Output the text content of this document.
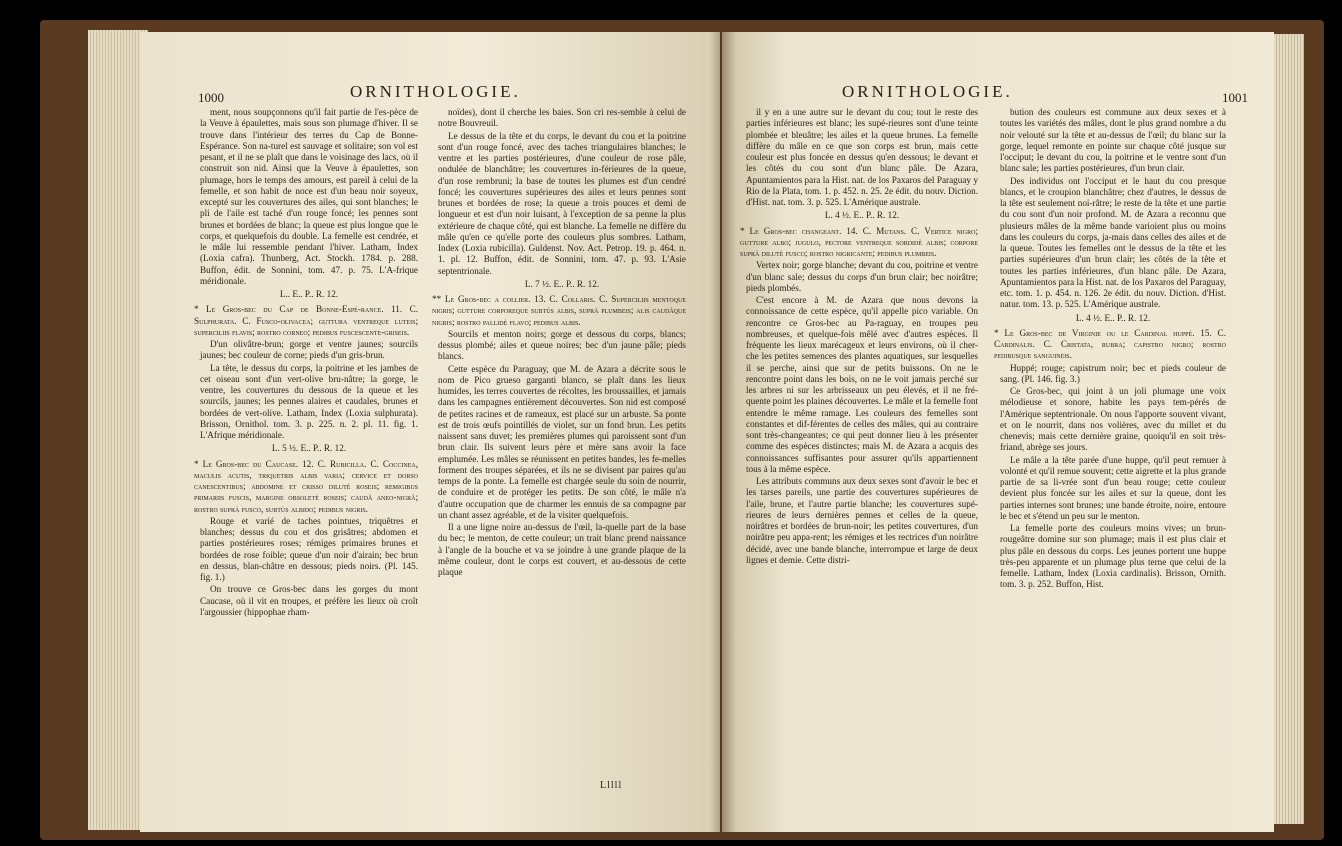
1000	ORNITHOLOGIE.

ment, nous soupçonnons qu'il fait partie de l'es-pèce de la Veuve à épaulettes, mais sous son plumage d'hiver. Il se trouve dans l'intérieur des terres du Cap de Bonne-Espérance. Son na-turel est sauvage et solitaire; son vol est pesant, et il ne se plaît que dans le voisinage des lacs, où il construit son nid. Ainsi que la Veuve à épaulettes, son plumage, hors le temps des amours, est pareil à celui de la femelle, et son habit de noce est d'un beau noir soyeux, excepté sur les couvertures des ailes, qui sont blanches; le pli de l'aile est taché d'un rouge foncé; les pennes sont brunes et bordées de blanc; la queue est plus longue que le corps, et quelquefois du double. La femelle est cendrée, et le mâle lui ressemble pendant l'hiver. Latham, Index (Loxia cafra). Thunberg, Act. Stockh. 1784. p. 288. Buffon, édit. de Sonnini, tom. 47. p. 75. L'A-frique méridionale.

L.. E.. P.. R. 12.

* Le Gros-bec du Cap de Bonne-Espé-rance. 11. C. Sulphurata. C. Fusco-olivacea; guttura ventreque luteis; superciliis flavis; rostro corneo; pedibus fuscescente-griseis.

D'un olivâtre-brun; gorge et ventre jaunes; sourcils jaunes; bec couleur de corne; pieds d'un gris-brun.

La tête, le dessus du corps, la poitrine et les jambes de cet oiseau sont d'un vert-olive bru-nâtre; la gorge, le ventre, les couvertures du dessous de la queue et les sourcils, jaunes; les pennes alaires et caudales, brunes et bordées de vert-olive. Latham, Index (Loxia sulphurata). Brisson, Ornithol. tom. 3. p. 225. n. 2. pl. 11. fig. 1. L'Afrique méridionale.

L. 5 ½. E.. P.. R. 12.

* Le Gros-bec du Caucase. 12. C. Rubicilla. C. Coccinea, maculis acutis, triquetris albis varia; cervice et dorso canescentibus; abdomine et crisso dilutè roseis; remigibus primariis fuscis, margine obsoletè roseis; caudâ aneo-nigrâ; rostro suprà fusco, subtùs albido; pedibus nigris.

Rouge et varié de taches pointues, triquêtres et blanches; dessus du cou et dos grisâtres; abdomen et parties postérieures roses; rémiges primaires brunes et bordées de rose foible; queue d'un noir d'airain; bec brun en dessus, blan-châtre en dessous; pieds noirs. (Pl. 145. fig. 1.)

On trouve ce Gros-bec dans les gorges du mont Caucase, où il vit en troupes, et préfère les lieux où croît l'argoussier (hippophae rham-

noïdes), dont il cherche les baies. Son cri res-semble à celui de notre Bouvreuil.

Le dessus de la tête et du corps, le devant du cou et la poitrine sont d'un rouge foncé, avec des taches triangulaires blanches; le ventre et les parties postérieures, d'une couleur de rose pâle, ondulée de blanchâtre; les couvertures in-férieures de la queue, d'un rose rembruni; la base de toutes les plumes est d'un cendré foncé; les couvertures supérieures des ailes et leurs pennes sont brunes et bordées de rose; la queue a trois pouces et demi de longueur et est d'un noir luisant, à l'exception de sa penne la plus extérieure de chaque côté, qui est blanche. La femelle ne diffère du mâle qu'en ce qu'elle porte des couleurs plus sombres. Latham, Index (Loxia rubicilla). Guldenst. Nov. Act. Petrop. 19. p. 464. n. 1. pl. 12. Buffon, édit. de Sonnini, tom. 47. p. 93. L'Asie septentrionale.

L. 7 ½. E.. P.. R. 12.

** Le Gros-bec a collier. 13. C. Collaris. C. Superciliis mentoque nigris; gutture corporeque subtùs albis, suprà plumbeis; alis caudâque nigris; rostro pallidè flavo; pedibus albis.

Sourcils et menton noirs; gorge et dessous du corps, blancs; dessus plombé; ailes et queue noires; bec d'un jaune pâle; pieds blancs.

Cette espèce du Paraguay, que M. de Azara a décrite sous le nom de Pico grueso garganti blanco, se plaît dans les lieux humides, les terres couvertes de récoltes, les broussailles, et jamais dans les campagnes entièrement découvertes. Son nid est composé de petites racines et de rameaux, est placé sur un arbuste. Sa ponte est de trois œufs pointillés de violet, sur un fond brun. Les petits naissent sans duvet; les premières plumes qui paroissent sont d'un brun clair. Ils suivent leurs père et mère sans avoir la face emplumée. Les mâles se réunissent en petites bandes, les fe-melles forment des troupes séparées, et ils ne se divisent par paires qu'au temps de la ponte. La femelle est chargée seule du soin de nourrir, de conduire et de protéger les petits. De son côté, le mâle n'a d'autre occupation que de charmer les ennuis de sa compagne par un chant assez agréable, et de la visiter quelquefois.

Il a une ligne noire au-dessus de l'œil, la-quelle part de la base du bec; le menton, de cette couleur; un trait blanc prend naissance à l'angle de la bouche et va se joindre à une grande plaque de la même couleur, dont le corps est couvert, et au-dessous de cette plaque

ORNITHOLOGIE.	1001

il y en a une autre sur le devant du cou; tout le reste des parties inférieures est blanc; les supé-rieures sont d'une teinte plombée et bleuâtre; les ailes et la queue brunes. La femelle diffère du mâle en ce que son corps est brun, mais cette couleur est plus foncée en dessus qu'en dessous; le devant et les côtés du cou sont d'un blanc pâle. De Azara, Apuntamientos para la Hist. nat. de los Paxaros del Paraguay y Rio de la Plata, tom. 1. p. 452. n. 25. 2e édit. du nouv. Diction. d'Hist. nat. tom. 3. p. 525. L'Amérique australe.

L. 4 ½. E.. P.. R. 12.

* Le Gros-bec changeant. 14. C. Mutans. C. Vertice nigro; gutture albo; jugulo, pectore ventreque sordidè albis; corpore suprà dilutè fusco; rostro nigricante; pedibus plumbeis.

Vertex noir; gorge blanche; devant du cou, poitrine et ventre d'un blanc sale; dessus du corps d'un brun clair; bec noirâtre; pieds plombés.

C'est encore à M. de Azara que nous devons la connoissance de cette espèce, qu'il appelle pico variable. On rencontre ce Gros-bec au Pa-raguay, en troupes peu nombreuses, et quelque-fois mêlé avec d'autres espèces. Il fréquente les lieux marécageux et leurs environs, où il cher-che les petites semences des plantes aquatiques, sur lesquelles il se perche, ainsi que sur de petits buissons. On ne le rencontre point dans les bois, on ne le voit jamais perché sur les arbres ni sur les arbrisseaux un peu élevés, et il ne fré-quente point les plaines découvertes. Le mâle et la femelle font entendre le même ramage. Les couleurs des femelles sont constantes et dif-férentes de celles des mâles, qui au contraire sont très-changeantes; ce qui peut donner lieu à les présenter comme des espèces distinctes; mais M. de Azara a acquis des connoissances suffisantes pour assurer qu'ils appartiennent tous à la même espèce.

Les attributs communs aux deux sexes sont d'avoir le bec et les tarses pareils, une partie des couvertures supérieures de l'aile, brune, et l'autre partie blanche; les couvertures supé-rieures de leurs dernières pennes et celles de la queue, noirâtres et bordées de brun-noir; les petites couvertures, d'un noirâtre peu appa-rent; les rémiges et les rectrices d'un noirâtre décidé, avec une bande blanche, interrompue et large de deux lignes et demie. Cette distri-

bution des couleurs est commune aux deux sexes et à toutes les variétés des mâles, dont le plus grand nombre a du noir velouté sur la tête et au-dessus de l'œil; du blanc sur la gorge, lequel remonte en pointe sur chaque côté jusque sur l'occiput; le devant du cou, la poitrine et le ventre sont d'un blanc sale; les parties postérieures, d'un brun clair.

Des individus ont l'occiput et le haut du cou presque blancs, et le croupion blanchâtre; chez d'autres, le dessus de la tête est seulement noi-râtre; le reste de la tête et une partie du cou sont d'un noir profond. M. de Azara a reconnu que plusieurs mâles de la même bande varioient plus ou moins dans les couleurs du corps, ja-mais dans celles des ailes et de la queue. Toutes les femelles ont le dessus de la tête et les parties supérieures d'un brun clair; les côtés de la tête et toutes les parties inférieures, d'un blanc pâle. De Azara, Apuntamientos para la Hist. nat. de los Paxaros del Paraguay, etc. tom. 1. p. 454. n. 126. 2e édit. du nouv. Diction. d'Hist. natur. tom. 13. p. 525. L'Amérique australe.

L. 4 ½. E.. P.. R. 12.

* Le Gros-bec de Virginie ou le Cardinal huppé. 15. C. Cardinalis. C. Cristata, rubra; capistro nigro; rostro pedibusque sanguineis.

Huppé; rouge; capistrum noir; bec et pieds couleur de sang. (Pl. 146. fig. 3.)

Ce Gros-bec, qui joint à un joli plumage une voix mélodieuse et sonore, habite les pays tem-pérés de l'Amérique septentrionale. On nous l'apporte souvent vivant, et on le nourrit, dans nos volières, avec du millet et du chenevis; mais cette dernière graine, quoiqu'il en soit très-friand, abrège ses jours.

Le mâle a la tête parée d'une huppe, qu'il peut remuer à volonté et qu'il remue souvent; cette aigrette et la plus grande partie de sa li-vrée sont d'un beau rouge; cette couleur devient plus foncée sur les ailes et sur la queue, dont les parties internes sont brunes; une bande étroite, noire, entoure le bec et s'étend un peu sur le menton.

La femelle porte des couleurs moins vives; un brun-rougeâtre domine sur son plumage; mais il est plus clair et plus pâle en dessous du corps. Les jeunes portent une huppe très-peu apparente et un plumage plus terne que celui de la femelle. Latham, Index (Loxia cardinalis). Brisson, Ornith. tom. 3. p. 252. Buffon, Hist.

Lllll
